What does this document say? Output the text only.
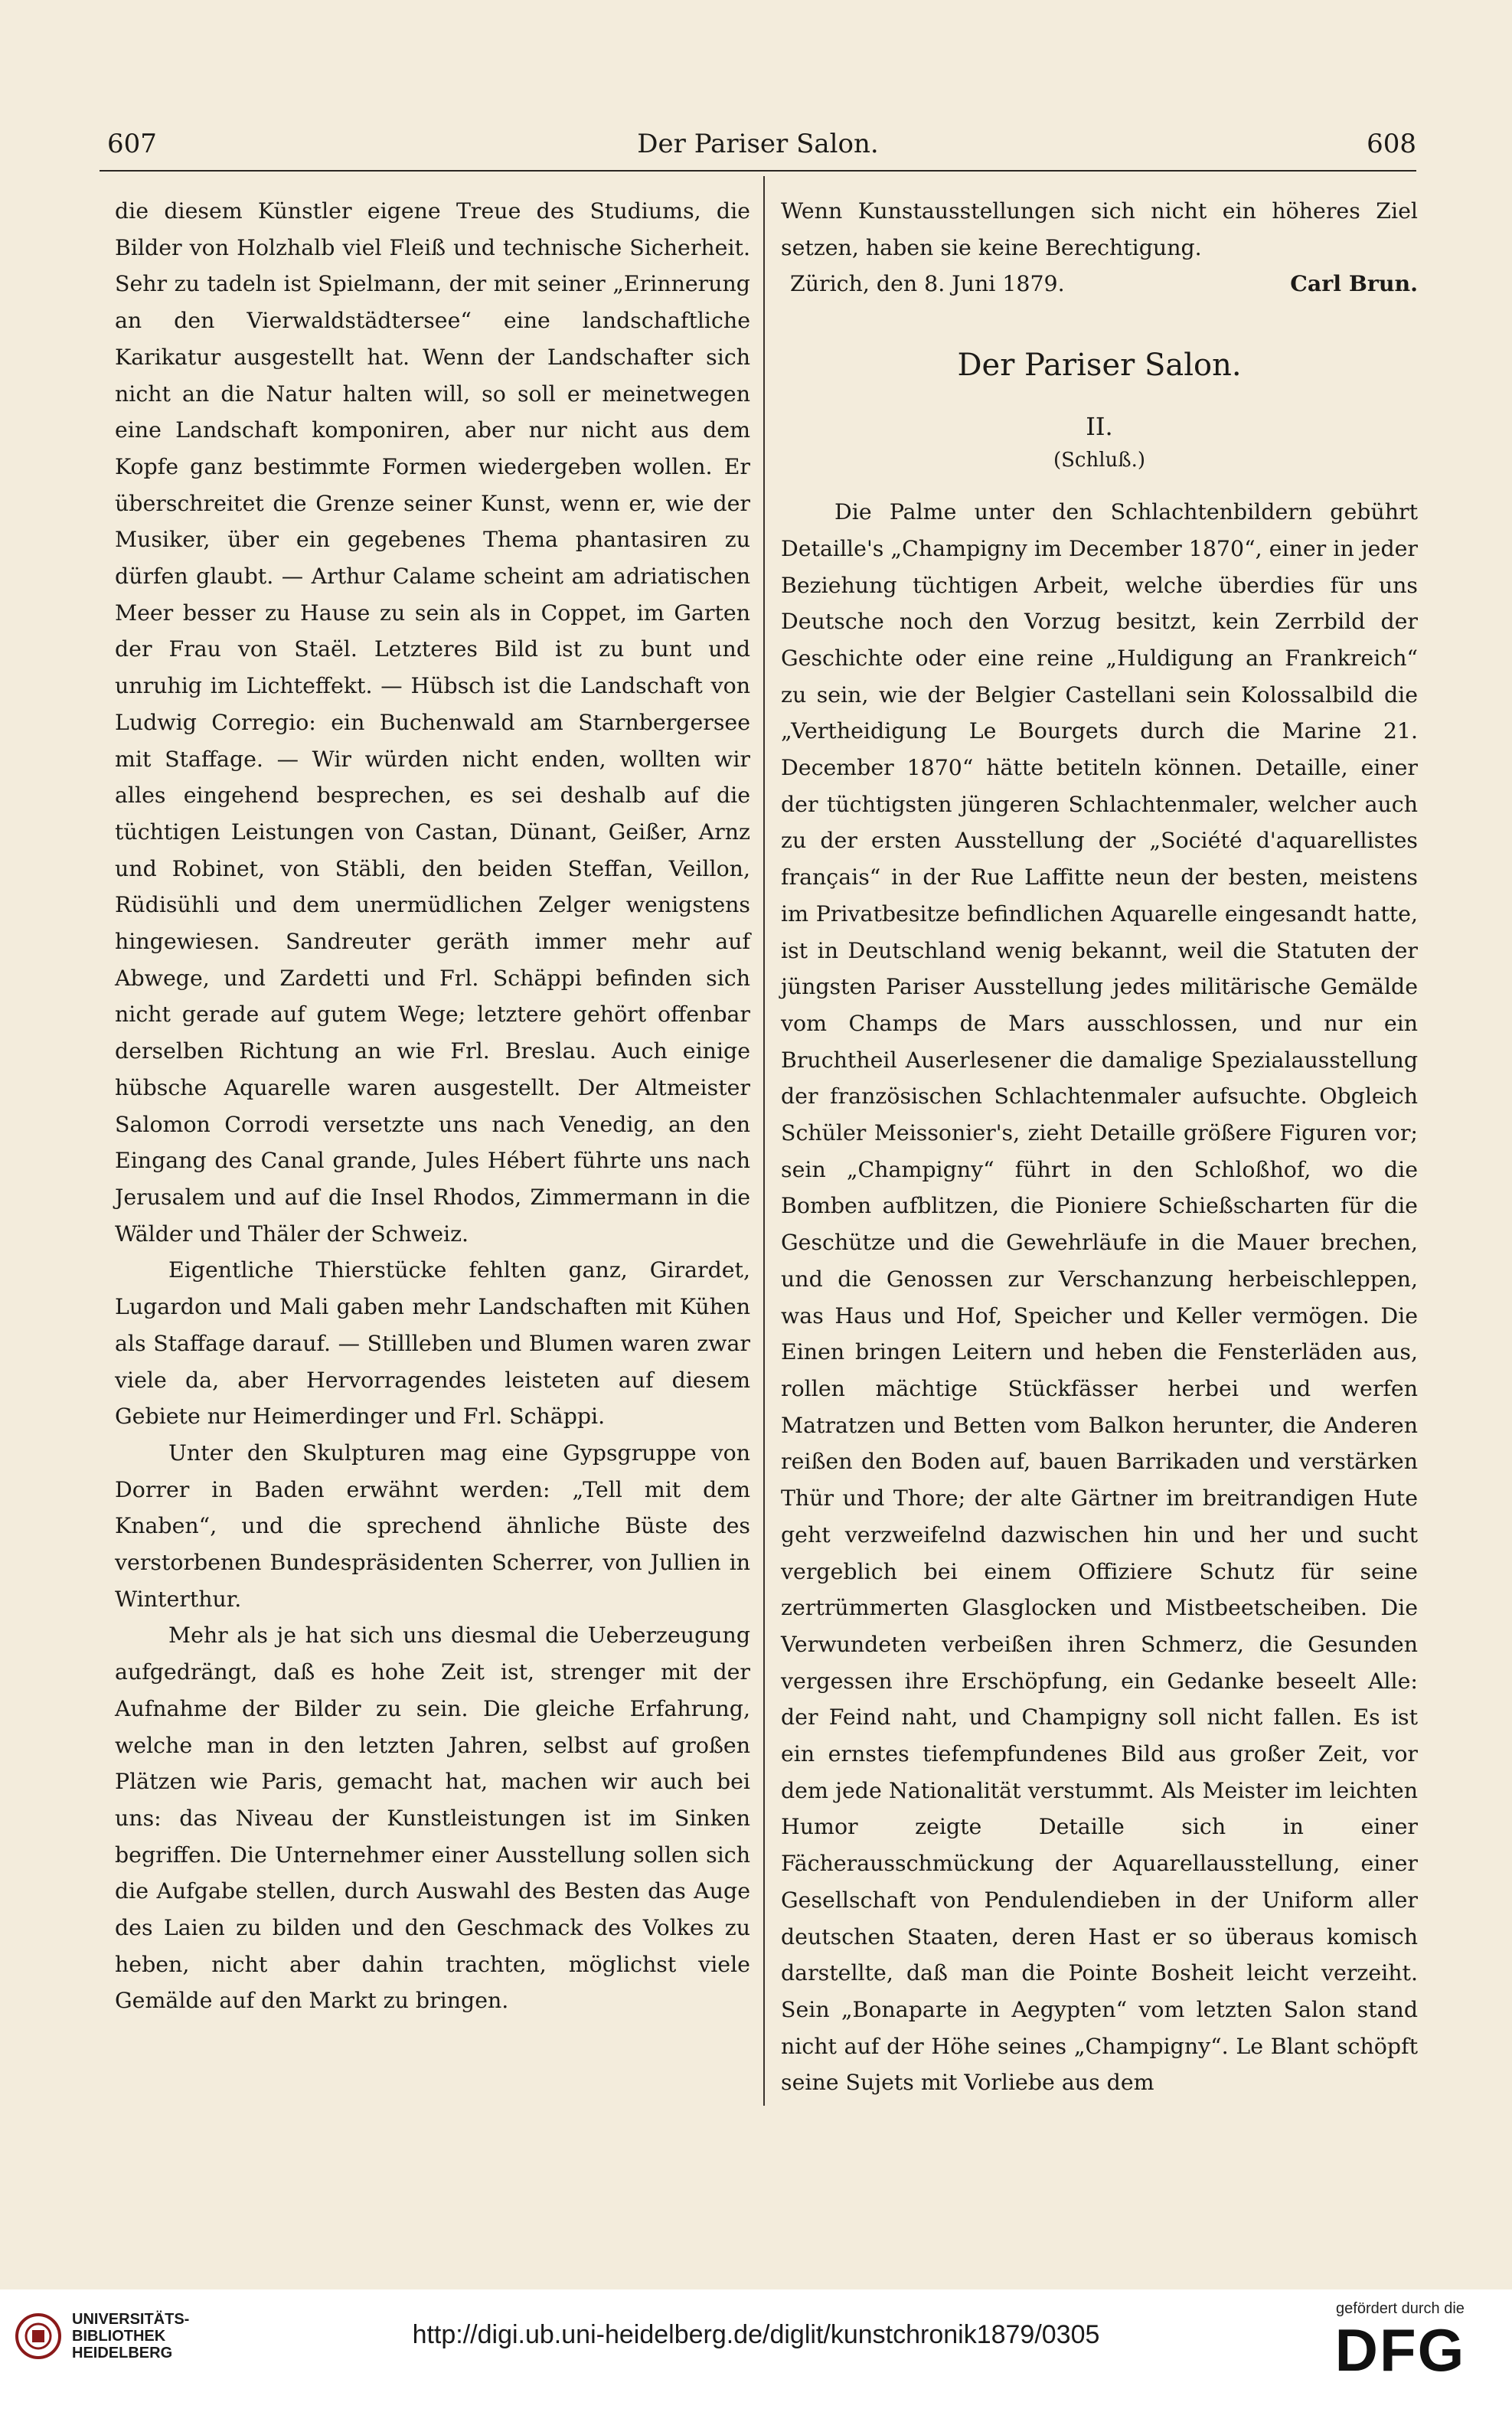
607	Der Pariser Salon.	608

die diesem Künstler eigene Treue des Studiums, die Bilder von Holzhalb viel Fleiß und technische Sicherheit. Sehr zu tadeln ist Spielmann, der mit seiner „Erinnerung an den Vierwaldstädtersee“ eine landschaftliche Karikatur ausgestellt hat. Wenn der Landschafter sich nicht an die Natur halten will, so soll er meinetwegen eine Landschaft komponiren, aber nur nicht aus dem Kopfe ganz bestimmte Formen wiedergeben wollen. Er überschreitet die Grenze seiner Kunst, wenn er, wie der Musiker, über ein gegebenes Thema phantasiren zu dürfen glaubt. — Arthur Calame scheint am adriatischen Meer besser zu Hause zu sein als in Coppet, im Garten der Frau von Staël. Letzteres Bild ist zu bunt und unruhig im Lichteffekt. — Hübsch ist die Landschaft von Ludwig Corregio: ein Buchenwald am Starnbergersee mit Staffage. — Wir würden nicht enden, wollten wir alles eingehend besprechen, es sei deshalb auf die tüchtigen Leistungen von Castan, Dünant, Geißer, Arnz und Robinet, von Stäbli, den beiden Steffan, Veillon, Rüdisühli und dem unermüdlichen Zelger wenigstens hingewiesen. Sandreuter geräth immer mehr auf Abwege, und Zardetti und Frl. Schäppi befinden sich nicht gerade auf gutem Wege; letztere gehört offenbar derselben Richtung an wie Frl. Breslau. Auch einige hübsche Aquarelle waren ausgestellt. Der Altmeister Salomon Corrodi versetzte uns nach Venedig, an den Eingang des Canal grande, Jules Hébert führte uns nach Jerusalem und auf die Insel Rhodos, Zimmermann in die Wälder und Thäler der Schweiz.

Eigentliche Thierstücke fehlten ganz, Girardet, Lugardon und Mali gaben mehr Landschaften mit Kühen als Staffage darauf. — Stillleben und Blumen waren zwar viele da, aber Hervorragendes leisteten auf diesem Gebiete nur Heimerdinger und Frl. Schäppi.

Unter den Skulpturen mag eine Gypsgruppe von Dorrer in Baden erwähnt werden: „Tell mit dem Knaben“, und die sprechend ähnliche Büste des verstorbenen Bundespräsidenten Scherrer, von Jullien in Winterthur.

Mehr als je hat sich uns diesmal die Ueberzeugung aufgedrängt, daß es hohe Zeit ist, strenger mit der Aufnahme der Bilder zu sein. Die gleiche Erfahrung, welche man in den letzten Jahren, selbst auf großen Plätzen wie Paris, gemacht hat, machen wir auch bei uns: das Niveau der Kunstleistungen ist im Sinken begriffen. Die Unternehmer einer Ausstellung sollen sich die Aufgabe stellen, durch Auswahl des Besten das Auge des Laien zu bilden und den Geschmack des Volkes zu heben, nicht aber dahin trachten, möglichst viele Gemälde auf den Markt zu bringen.

Wenn Kunstausstellungen sich nicht ein höheres Ziel setzen, haben sie keine Berechtigung.

Zürich, den 8. Juni 1879.	Carl Brun.
Der Pariser Salon.
II.
(Schluß.)

Die Palme unter den Schlachtenbildern gebührt Detaille's „Champigny im December 1870“, einer in jeder Beziehung tüchtigen Arbeit, welche überdies für uns Deutsche noch den Vorzug besitzt, kein Zerrbild der Geschichte oder eine reine „Huldigung an Frankreich“ zu sein, wie der Belgier Castellani sein Kolossalbild die „Vertheidigung Le Bourgets durch die Marine 21. December 1870“ hätte betiteln können. Detaille, einer der tüchtigsten jüngeren Schlachtenmaler, welcher auch zu der ersten Ausstellung der „Société d'aquarellistes français“ in der Rue Laffitte neun der besten, meistens im Privatbesitze befindlichen Aquarelle eingesandt hatte, ist in Deutschland wenig bekannt, weil die Statuten der jüngsten Pariser Ausstellung jedes militärische Gemälde vom Champs de Mars ausschlossen, und nur ein Bruchtheil Auserlesener die damalige Spezialausstellung der französischen Schlachtenmaler aufsuchte. Obgleich Schüler Meissonier's, zieht Detaille größere Figuren vor; sein „Champigny“ führt in den Schloßhof, wo die Bomben aufblitzen, die Pioniere Schießscharten für die Geschütze und die Gewehrläufe in die Mauer brechen, und die Genossen zur Verschanzung herbeischleppen, was Haus und Hof, Speicher und Keller vermögen. Die Einen bringen Leitern und heben die Fensterläden aus, rollen mächtige Stückfässer herbei und werfen Matratzen und Betten vom Balkon herunter, die Anderen reißen den Boden auf, bauen Barrikaden und verstärken Thür und Thore; der alte Gärtner im breitrandigen Hute geht verzweifelnd dazwischen hin und her und sucht vergeblich bei einem Offiziere Schutz für seine zertrümmerten Glasglocken und Mistbeetscheiben. Die Verwundeten verbeißen ihren Schmerz, die Gesunden vergessen ihre Erschöpfung, ein Gedanke beseelt Alle: der Feind naht, und Champigny soll nicht fallen. Es ist ein ernstes tiefempfundenes Bild aus großer Zeit, vor dem jede Nationalität verstummt. Als Meister im leichten Humor zeigte Detaille sich in einer Fächerausschmückung der Aquarellausstellung, einer Gesellschaft von Pendulendieben in der Uniform aller deutschen Staaten, deren Hast er so überaus komisch darstellte, daß man die Pointe Bosheit leicht verzeiht. Sein „Bonaparte in Aegypten“ vom letzten Salon stand nicht auf der Höhe seines „Champigny“. Le Blant schöpft seine Sujets mit Vorliebe aus dem

UNIVERSITÄTS-
BIBLIOTHEK
HEIDELBERG
http://digi.ub.uni-heidelberg.de/diglit/kunstchronik1879/0305
gefördert durch die
DFG
